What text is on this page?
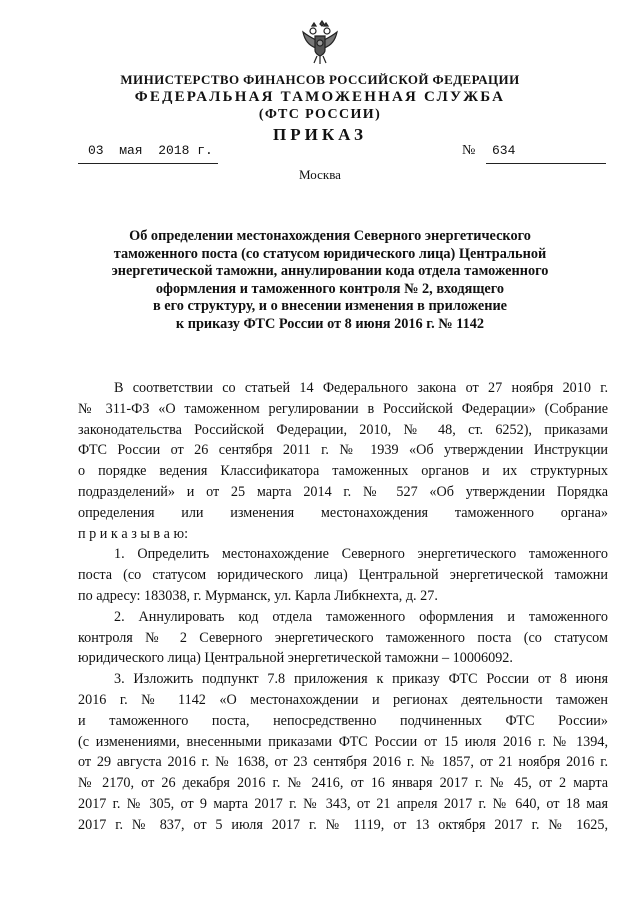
МИНИСТЕРСТВО ФИНАНСОВ РОССИЙСКОЙ ФЕДЕРАЦИИ
ФЕДЕРАЛЬНАЯ ТАМОЖЕННАЯ СЛУЖБА
(ФТС РОССИИ)
ПРИКАЗ
03  мая  2018 г.	№ 634
Москва
Об определении местонахождения Северного энергетического
таможенного поста (со статусом юридического лица) Центральной
энергетической таможни, аннулировании кода отдела таможенного
оформления и таможенного контроля № 2, входящего
в его структуру, и о внесении изменения в приложение
к приказу ФТС России от 8 июня 2016 г. № 1142
В соответствии со статьей 14 Федерального закона от 27 ноября 2010 г.
№ 311-ФЗ «О таможенном регулировании в Российской Федерации» (Собрание
законодательства Российской Федерации, 2010, № 48, ст. 6252), приказами
ФТС России от 26 сентября 2011 г. № 1939 «Об утверждении Инструкции
о порядке ведения Классификатора таможенных органов и их структурных
подразделений» и от 25 марта 2014 г. № 527 «Об утверждении Порядка
определения или изменения местонахождения таможенного органа»
п р и к а з ы в а ю:
1. Определить местонахождение Северного энергетического таможенного
поста (со статусом юридического лица) Центральной энергетической таможни
по адресу: 183038, г. Мурманск, ул. Карла Либкнехта, д. 27.
2. Аннулировать код отдела таможенного оформления и таможенного
контроля № 2 Северного энергетического таможенного поста (со статусом
юридического лица) Центральной энергетической таможни – 10006092.
3. Изложить подпункт 7.8 приложения к приказу ФТС России от 8 июня
2016 г. № 1142 «О местонахождении и регионах деятельности таможен
и таможенного поста, непосредственно подчиненных ФТС России»
(с изменениями, внесенными приказами ФТС России от 15 июля 2016 г. № 1394,
от 29 августа 2016 г. № 1638, от 23 сентября 2016 г. № 1857, от 21 ноября 2016 г.
№ 2170, от 26 декабря 2016 г. № 2416, от 16 января 2017 г. № 45, от 2 марта
2017 г. № 305, от 9 марта 2017 г. № 343, от 21 апреля 2017 г. № 640, от 18 мая
2017 г. № 837, от 5 июля 2017 г. № 1119, от 13 октября 2017 г. № 1625,
